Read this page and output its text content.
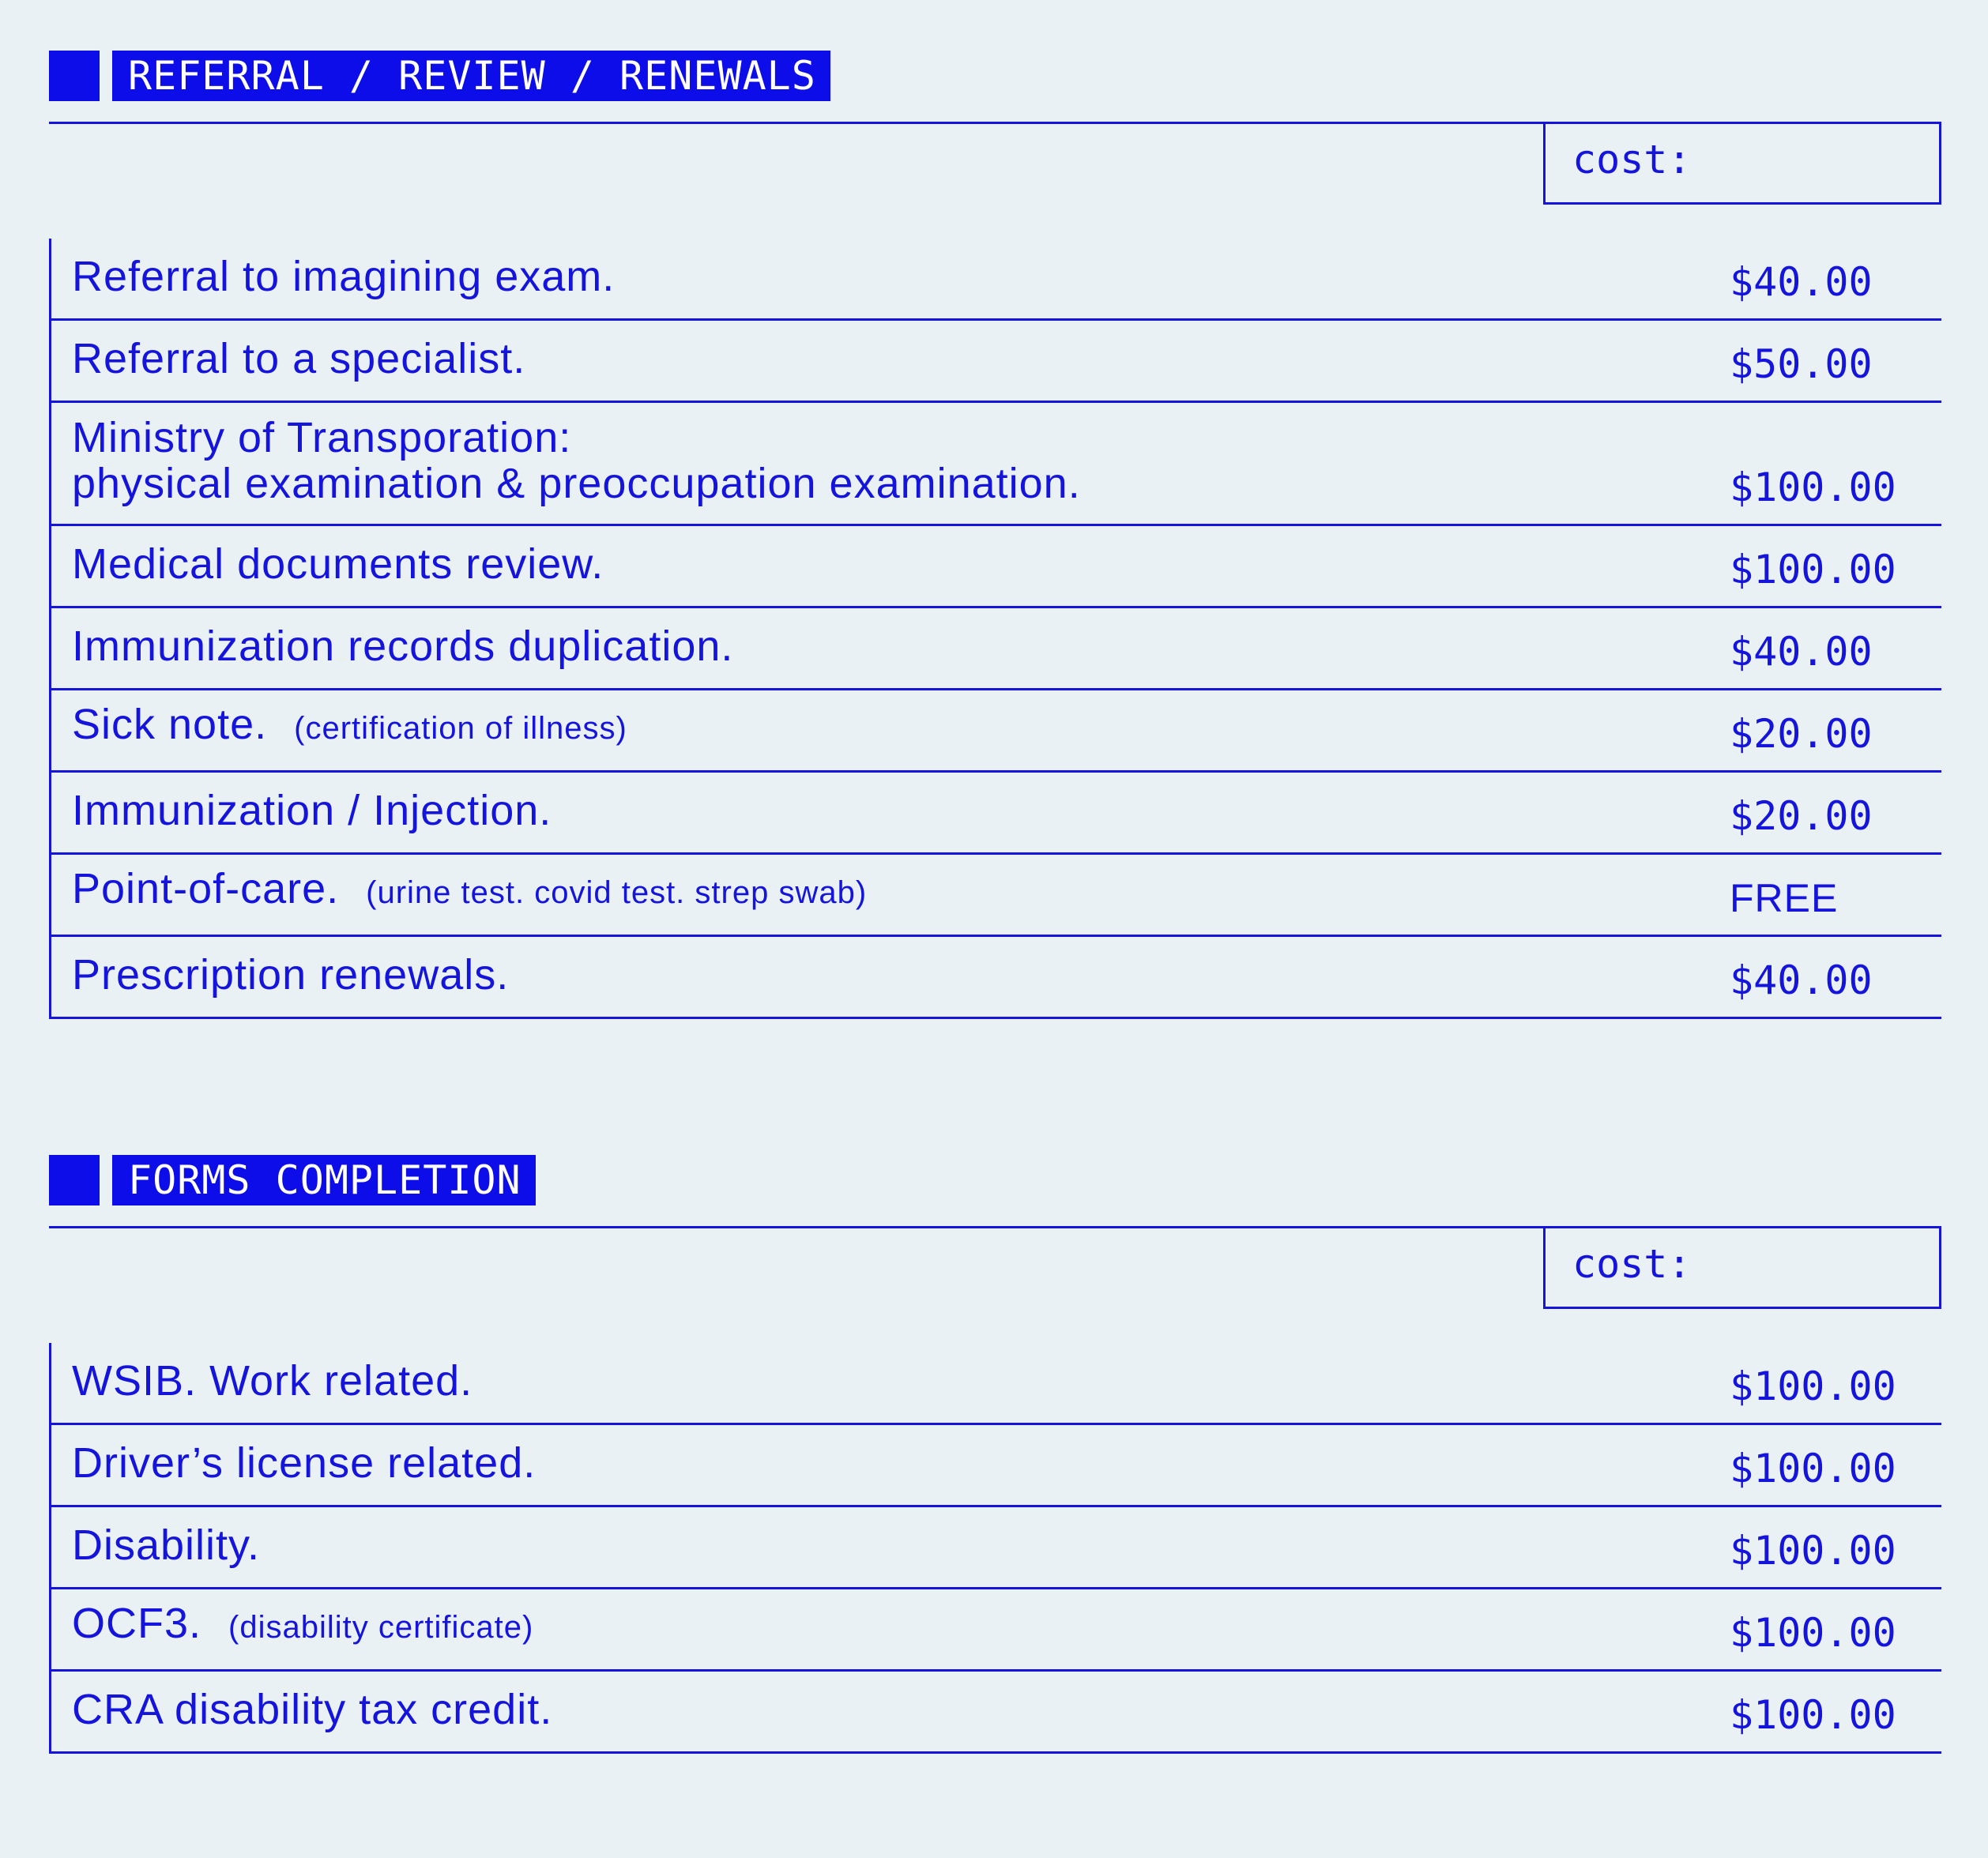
REFERRAL / REVIEW / RENEWALS
cost:
Referral to imagining exam.	$40.00
Referral to a specialist.	$50.00
Ministry of Transporation:
physical examination & preoccupation examination.	$100.00
Medical documents review.	$100.00
Immunization records duplication.	$40.00
Sick note. (certification of illness)	$20.00
Immunization / Injection.	$20.00
Point-of-care. (urine test. covid test. strep swab)	FREE
Prescription renewals.	$40.00
FORMS COMPLETION
cost:
WSIB. Work related.	$100.00
Driver’s license related.	$100.00
Disability.	$100.00
OCF3. (disability certificate)	$100.00
CRA disability tax credit.	$100.00
